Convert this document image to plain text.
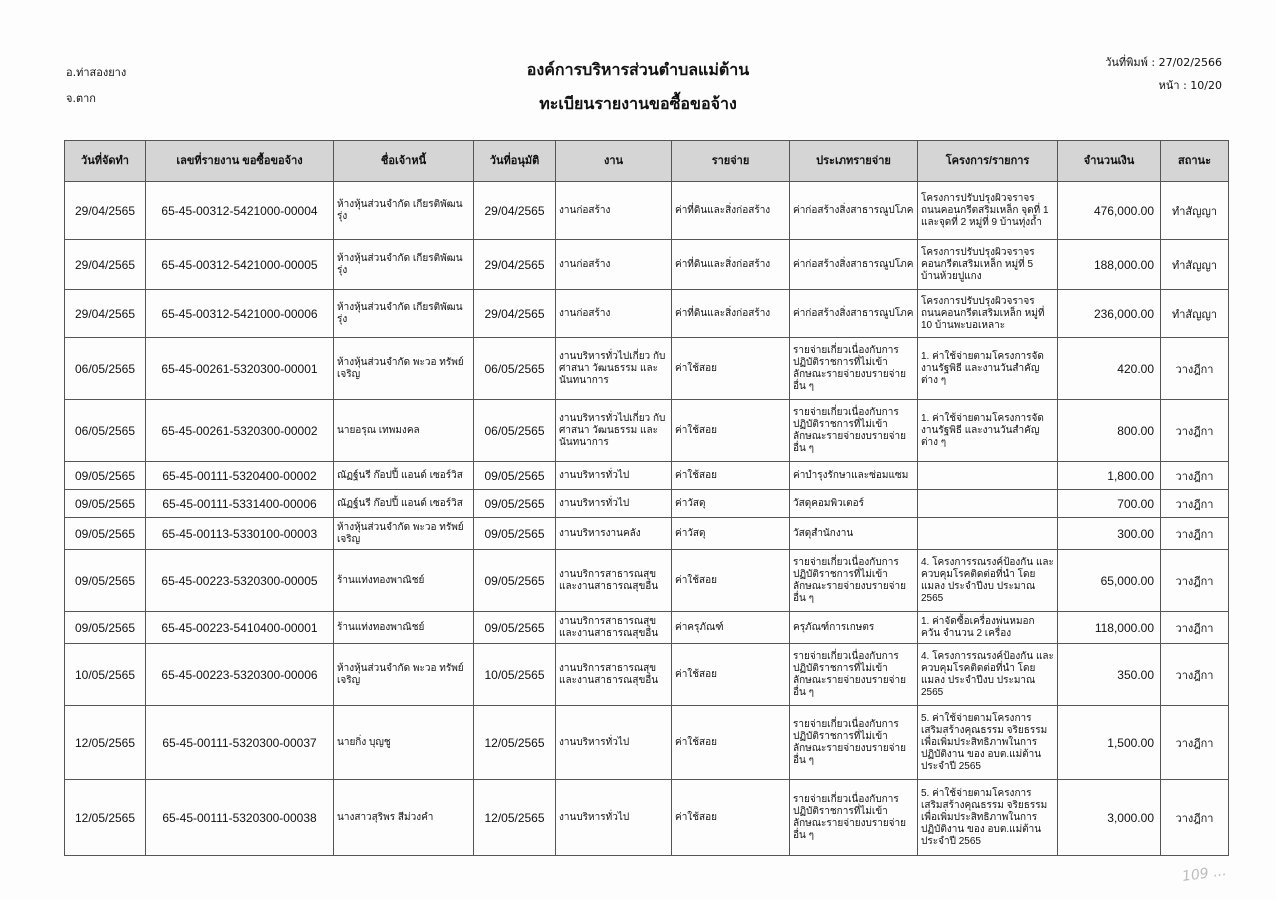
อ.ท่าสองยาง
จ.ตาก
องค์การบริหารส่วนตำบลแม่ต้าน
ทะเบียนรายงานขอซื้อขอจ้าง
วันที่พิมพ์ : 27/02/2566
หน้า : 10/20
วันที่จัดทำ	เลขที่รายงาน ขอซื้อขอจ้าง	ชื่อเจ้าหนี้	วันที่อนุมัติ	งาน	รายจ่าย	ประเภทรายจ่าย	โครงการ/รายการ	จำนวนเงิน	สถานะ
29/04/2565	65-45-00312-5421000-00004	ห้างหุ้นส่วนจำกัด เกียรติพัฒน รุ่ง	29/04/2565	งานก่อสร้าง	ค่าที่ดินและสิ่งก่อสร้าง	ค่าก่อสร้างสิ่งสาธารณูปโภค	โครงการปรับปรุงผิวจราจร ถนนคอนกรีตสริมเหล็ก จุดที่ 1 และจุดที่ 2 หมู่ที่ 9 บ้านทุ่งถ้ำ	476,000.00	ทำสัญญา
29/04/2565	65-45-00312-5421000-00005	ห้างหุ้นส่วนจำกัด เกียรติพัฒน รุ่ง	29/04/2565	งานก่อสร้าง	ค่าที่ดินและสิ่งก่อสร้าง	ค่าก่อสร้างสิ่งสาธารณูปโภค	โครงการปรับปรุงผิวจราจร คอนกรีตเสริมเหล็ก หมู่ที่ 5 บ้านห้วยปูแกง	188,000.00	ทำสัญญา
29/04/2565	65-45-00312-5421000-00006	ห้างหุ้นส่วนจำกัด เกียรติพัฒน รุ่ง	29/04/2565	งานก่อสร้าง	ค่าที่ดินและสิ่งก่อสร้าง	ค่าก่อสร้างสิ่งสาธารณูปโภค	โครงการปรับปรุงผิวจราจร ถนนคอนกรีตเสริมเหล็ก หมู่ที่ 10 บ้านพะบอเหลาะ	236,000.00	ทำสัญญา
06/05/2565	65-45-00261-5320300-00001	ห้างหุ้นส่วนจำกัด พะวอ ทรัพย์ เจริญ	06/05/2565	งานบริหารทั่วไปเกี่ยว กับศาสนา วัฒนธรรม และนันทนาการ	ค่าใช้สอย	รายจ่ายเกี่ยวเนื่องกับการ ปฏิบัติราชการที่ไม่เข้า ลักษณะรายจ่ายงบรายจ่าย อื่น ๆ	1. ค่าใช้จ่ายตามโครงการจัด งานรัฐพิธี และงานวันสำคัญ ต่าง ๆ	420.00	วางฎีกา
06/05/2565	65-45-00261-5320300-00002	นายอรุณ เทพมงคล	06/05/2565	งานบริหารทั่วไปเกี่ยว กับศาสนา วัฒนธรรม และนันทนาการ	ค่าใช้สอย	รายจ่ายเกี่ยวเนื่องกับการ ปฏิบัติราชการที่ไม่เข้า ลักษณะรายจ่ายงบรายจ่าย อื่น ๆ	1. ค่าใช้จ่ายตามโครงการจัด งานรัฐพิธี และงานวันสำคัญ ต่าง ๆ	800.00	วางฎีกา
09/05/2565	65-45-00111-5320400-00002	ณัฏฐ์นรี ก๊อปปี้ แอนด์ เซอร์วิส	09/05/2565	งานบริหารทั่วไป	ค่าใช้สอย	ค่าบำรุงรักษาและซ่อมแซม		1,800.00	วางฎีกา
09/05/2565	65-45-00111-5331400-00006	ณัฏฐ์นรี ก๊อปปี้ แอนด์ เซอร์วิส	09/05/2565	งานบริหารทั่วไป	ค่าวัสดุ	วัสดุคอมพิวเตอร์		700.00	วางฎีกา
09/05/2565	65-45-00113-5330100-00003	ห้างหุ้นส่วนจำกัด พะวอ ทรัพย์ เจริญ	09/05/2565	งานบริหารงานคลัง	ค่าวัสดุ	วัสดุสำนักงาน		300.00	วางฎีกา
09/05/2565	65-45-00223-5320300-00005	ร้านแท่งทองพาณิชย์	09/05/2565	งานบริการสาธารณสุข และงานสาธารณสุขอื่น	ค่าใช้สอย	รายจ่ายเกี่ยวเนื่องกับการ ปฏิบัติราชการที่ไม่เข้า ลักษณะรายจ่ายงบรายจ่าย อื่น ๆ	4. โครงการรณรงค์ป้องกัน และควบคุมโรคติดต่อที่นำ โดยแมลง ประจำปีงบ ประมาณ 2565	65,000.00	วางฎีกา
09/05/2565	65-45-00223-5410400-00001	ร้านแท่งทองพาณิชย์	09/05/2565	งานบริการสาธารณสุข และงานสาธารณสุขอื่น	ค่าครุภัณฑ์	ครุภัณฑ์การเกษตร	1. ค่าจัดซื้อเครื่องพ่นหมอก ควัน จำนวน 2 เครื่อง	118,000.00	วางฎีกา
10/05/2565	65-45-00223-5320300-00006	ห้างหุ้นส่วนจำกัด พะวอ ทรัพย์ เจริญ	10/05/2565	งานบริการสาธารณสุข และงานสาธารณสุขอื่น	ค่าใช้สอย	รายจ่ายเกี่ยวเนื่องกับการ ปฏิบัติราชการที่ไม่เข้า ลักษณะรายจ่ายงบรายจ่าย อื่น ๆ	4. โครงการรณรงค์ป้องกัน และควบคุมโรคติดต่อที่นำ โดยแมลง ประจำปีงบ ประมาณ 2565	350.00	วางฎีกา
12/05/2565	65-45-00111-5320300-00037	นายกิ่ง บุญชู	12/05/2565	งานบริหารทั่วไป	ค่าใช้สอย	รายจ่ายเกี่ยวเนื่องกับการ ปฏิบัติราชการที่ไม่เข้า ลักษณะรายจ่ายงบรายจ่าย อื่น ๆ	5. ค่าใช้จ่ายตามโครงการ เสริมสร้างคุณธรรม จริยธรรม เพื่อเพิ่มประสิทธิภาพในการ ปฏิบัติงาน ของ อบต.แม่ต้าน ประจำปี 2565	1,500.00	วางฎีกา
12/05/2565	65-45-00111-5320300-00038	นางสาวสุริพร สีม่วงคำ	12/05/2565	งานบริหารทั่วไป	ค่าใช้สอย	รายจ่ายเกี่ยวเนื่องกับการ ปฏิบัติราชการที่ไม่เข้า ลักษณะรายจ่ายงบรายจ่าย อื่น ๆ	5. ค่าใช้จ่ายตามโครงการ เสริมสร้างคุณธรรม จริยธรรม เพื่อเพิ่มประสิทธิภาพในการ ปฏิบัติงาน ของ อบต.แม่ต้าน ประจำปี 2565	3,000.00	วางฎีกา
109 ...
